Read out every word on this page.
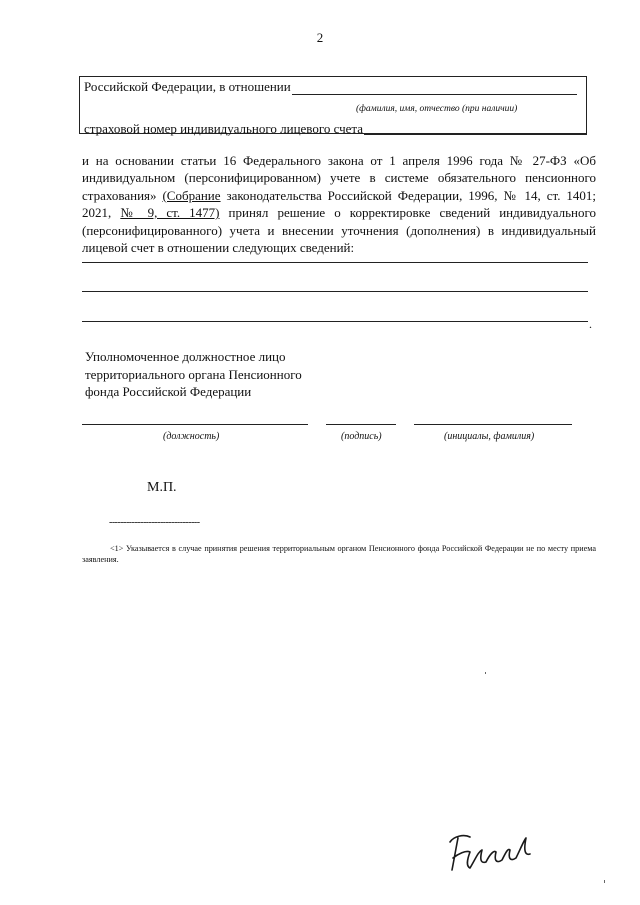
2
Российской Федерации, в отношении
(фамилия, имя, отчество (при наличии)
страховой номер индивидуального лицевого счета
и на основании статьи 16 Федерального закона от 1 апреля 1996 года № 27-ФЗ «Об индивидуальном (персонифицированном) учете в системе обязательного пенсионного страхования» (Собрание законодательства Российской Федерации, 1996, № 14, ст. 1401; 2021, № 9, ст. 1477) принял решение о корректировке сведений индивидуального (персонифицированного) учета и внесении уточнения (дополнения) в индивидуальный лицевой счет в отношении следующих сведений:
.
Уполномоченное должностное лицо
территориального органа Пенсионного
фонда Российской Федерации
(должность)	(подпись)	(инициалы, фамилия)
М.П.
--------------------------------
<1> Указывается в случае принятия решения территориальным органом Пенсионного фонда Российской Федерации не по месту приема заявления.
